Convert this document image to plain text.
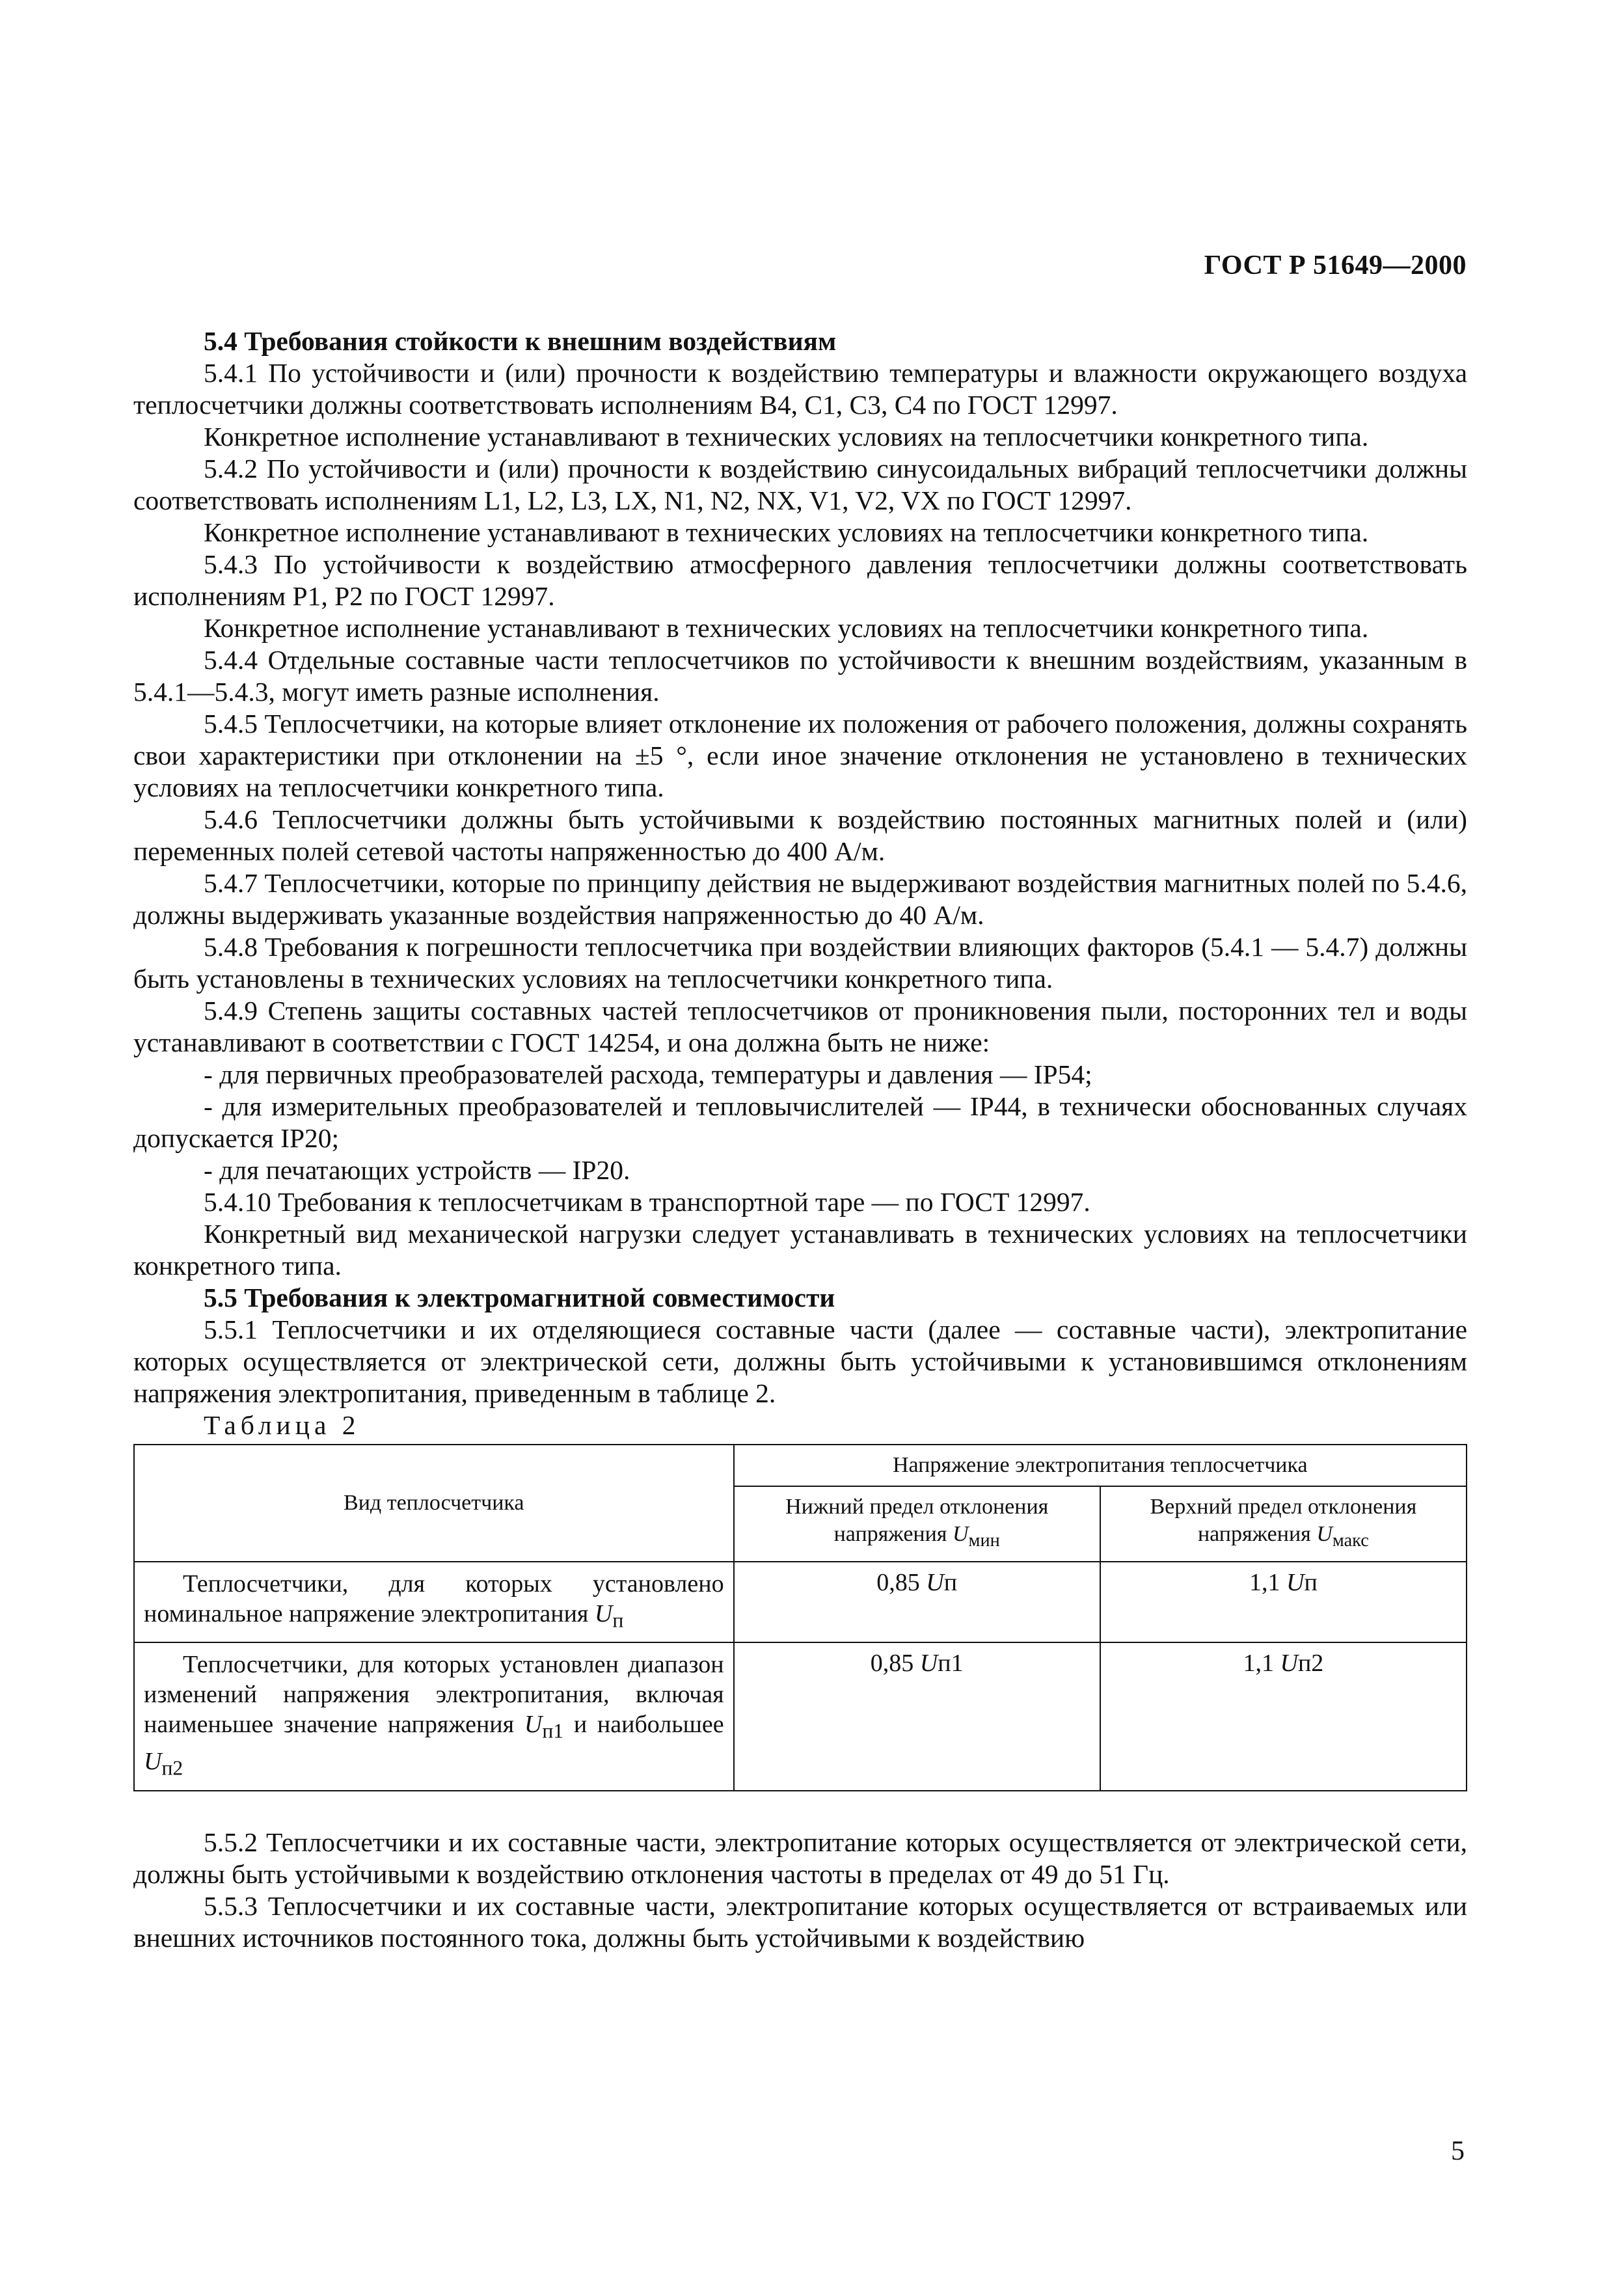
ГОСТ Р 51649—2000
5.4 Требования стойкости к внешним воздействиям

5.4.1 По устойчивости и (или) прочности к воздействию температуры и влажности окружающего воздуха теплосчетчики должны соответствовать исполнениям В4, С1, С3, С4 по ГОСТ 12997.

Конкретное исполнение устанавливают в технических условиях на теплосчетчики конкретного типа.

5.4.2 По устойчивости и (или) прочности к воздействию синусоидальных вибраций теплосчетчики должны соответствовать исполнениям L1, L2, L3, LX, N1, N2, NX, V1, V2, VX по ГОСТ 12997.

Конкретное исполнение устанавливают в технических условиях на теплосчетчики конкретного типа.

5.4.3 По устойчивости к воздействию атмосферного давления теплосчетчики должны соответствовать исполнениям Р1, Р2 по ГОСТ 12997.

Конкретное исполнение устанавливают в технических условиях на теплосчетчики конкретного типа.

5.4.4 Отдельные составные части теплосчетчиков по устойчивости к внешним воздействиям, указанным в 5.4.1—5.4.3, могут иметь разные исполнения.

5.4.5 Теплосчетчики, на которые влияет отклонение их положения от рабочего положения, должны сохранять свои характеристики при отклонении на ±5 °, если иное значение отклонения не установлено в технических условиях на теплосчетчики конкретного типа.

5.4.6 Теплосчетчики должны быть устойчивыми к воздействию постоянных магнитных полей и (или) переменных полей сетевой частоты напряженностью до 400 А/м.

5.4.7 Теплосчетчики, которые по принципу действия не выдерживают воздействия магнитных полей по 5.4.6, должны выдерживать указанные воздействия напряженностью до 40 А/м.

5.4.8 Требования к погрешности теплосчетчика при воздействии влияющих факторов (5.4.1 — 5.4.7) должны быть установлены в технических условиях на теплосчетчики конкретного типа.

5.4.9 Степень защиты составных частей теплосчетчиков от проникновения пыли, посторонних тел и воды устанавливают в соответствии с ГОСТ 14254, и она должна быть не ниже:

- для первичных преобразователей расхода, температуры и давления — IP54;

- для измерительных преобразователей и тепловычислителей — IP44, в технически обоснованных случаях допускается IP20;

- для печатающих устройств — IP20.

5.4.10 Требования к теплосчетчикам в транспортной таре — по ГОСТ 12997.

Конкретный вид механической нагрузки следует устанавливать в технических условиях на теплосчетчики конкретного типа.

5.5 Требования к электромагнитной совместимости

5.5.1 Теплосчетчики и их отделяющиеся составные части (далее — составные части), электропитание которых осуществляется от электрической сети, должны быть устойчивыми к установившимся отклонениям напряжения электропитания, приведенным в таблице 2.

Таблица 2

Вид теплосчетчика	Напряжение электропитания теплосчетчика	
	Нижний предел отклонения напряжения $U_{мин}$	Верхний предел отклонения напряжения $U_{макс}$
Теплосчетчики, для которых установлено номинальное напряжение электропитания $U_п$	0,85 Uп	1,1 Uп
Теплосчетчики, для которых установлен диапазон изменений напряжения электропитания, включая наименьшее значение напряжения $U_{п1}$ и наибольшее $U_{п2}$	0,85 Uп1	1,1 Uп2

5.5.2 Теплосчетчики и их составные части, электропитание которых осуществляется от электрической сети, должны быть устойчивыми к воздействию отклонения частоты в пределах от 49 до 51 Гц.

5.5.3 Теплосчетчики и их составные части, электропитание которых осуществляется от встраиваемых или внешних источников постоянного тока, должны быть устойчивыми к воздействию

5
